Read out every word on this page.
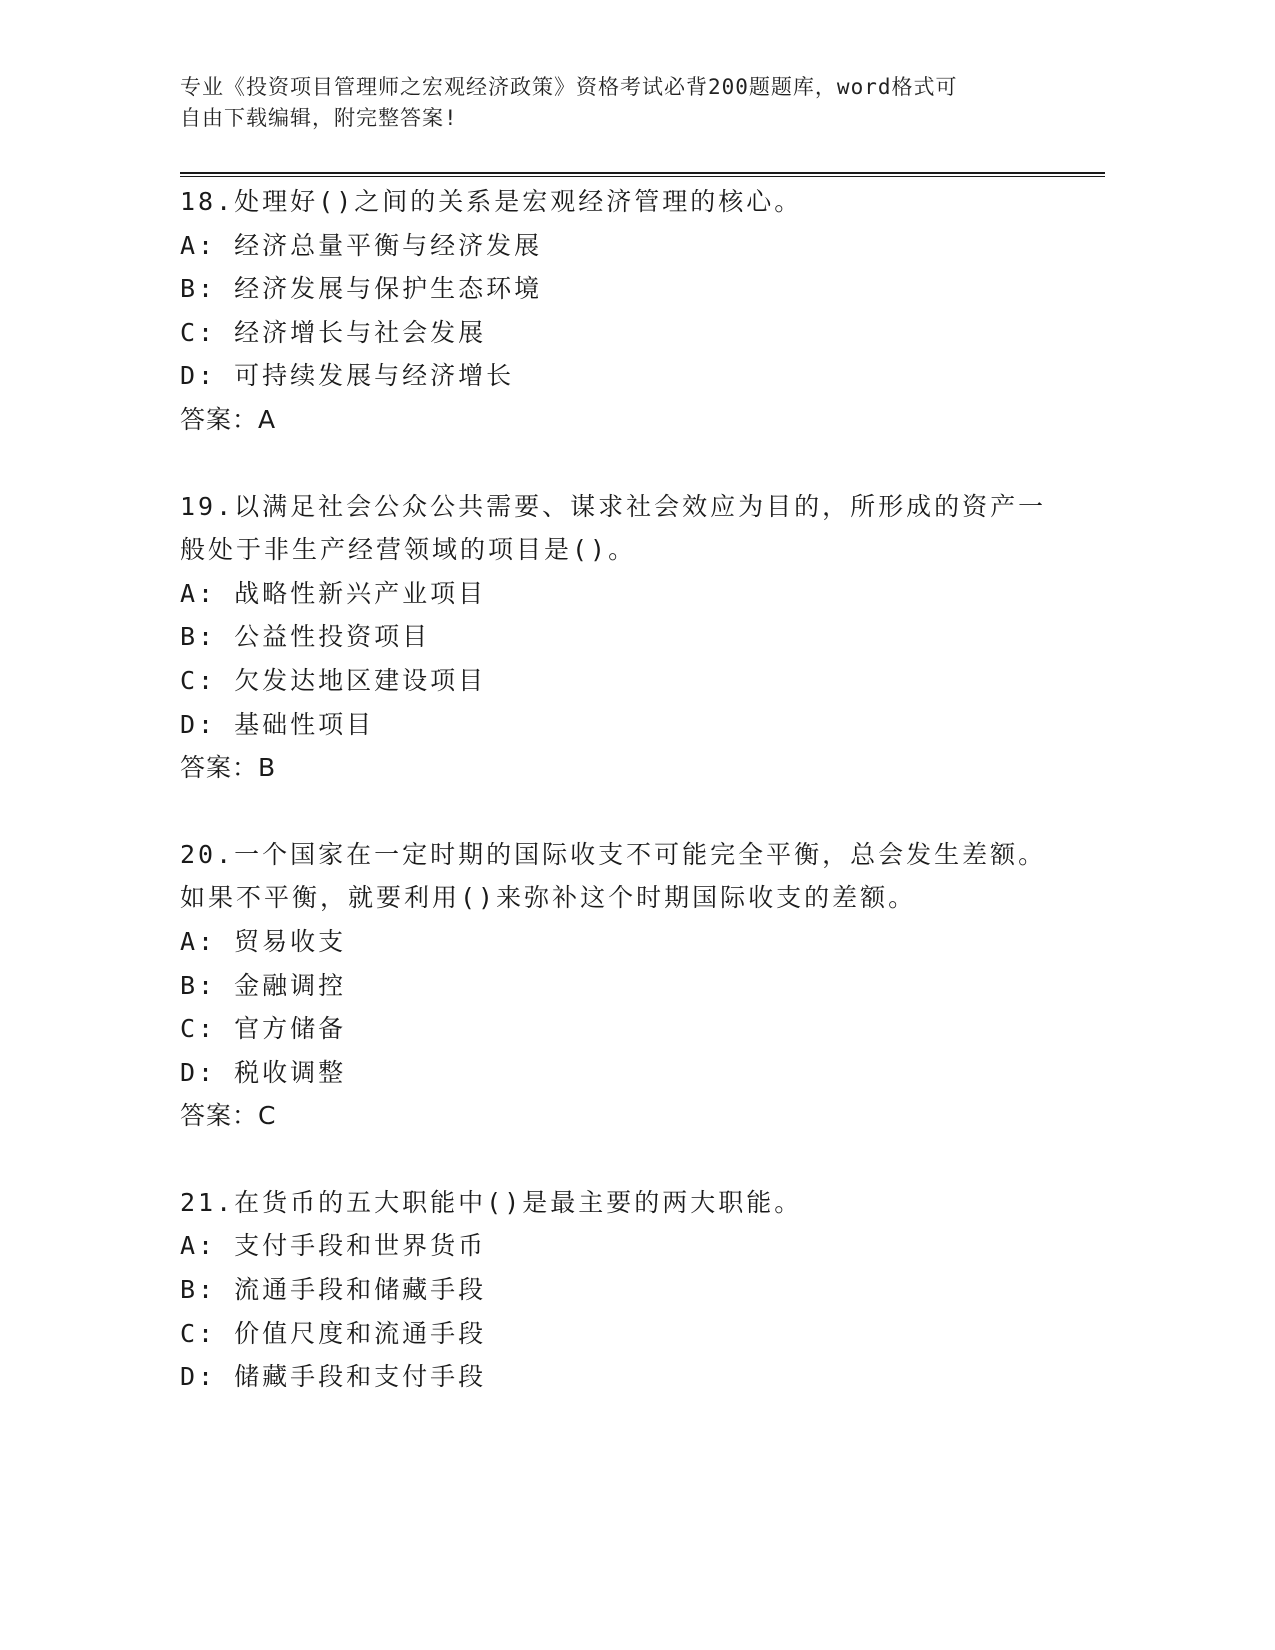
专业《投资项目管理师之宏观经济政策》资格考试必背200题题库，word格式可
自由下载编辑，附完整答案!
18.处理好()之间的关系是宏观经济管理的核心。
A: 经济总量平衡与经济发展
B: 经济发展与保护生态环境
C: 经济增长与社会发展
D: 可持续发展与经济增长
答案：A
19.以满足社会公众公共需要、谋求社会效应为目的，所形成的资产一
般处于非生产经营领域的项目是()。
A: 战略性新兴产业项目
B: 公益性投资项目
C: 欠发达地区建设项目
D: 基础性项目
答案：B
20.一个国家在一定时期的国际收支不可能完全平衡，总会发生差额。
如果不平衡，就要利用()来弥补这个时期国际收支的差额。
A: 贸易收支
B: 金融调控
C: 官方储备
D: 税收调整
答案：C
21.在货币的五大职能中()是最主要的两大职能。
A: 支付手段和世界货币
B: 流通手段和储藏手段
C: 价值尺度和流通手段
D: 储藏手段和支付手段
